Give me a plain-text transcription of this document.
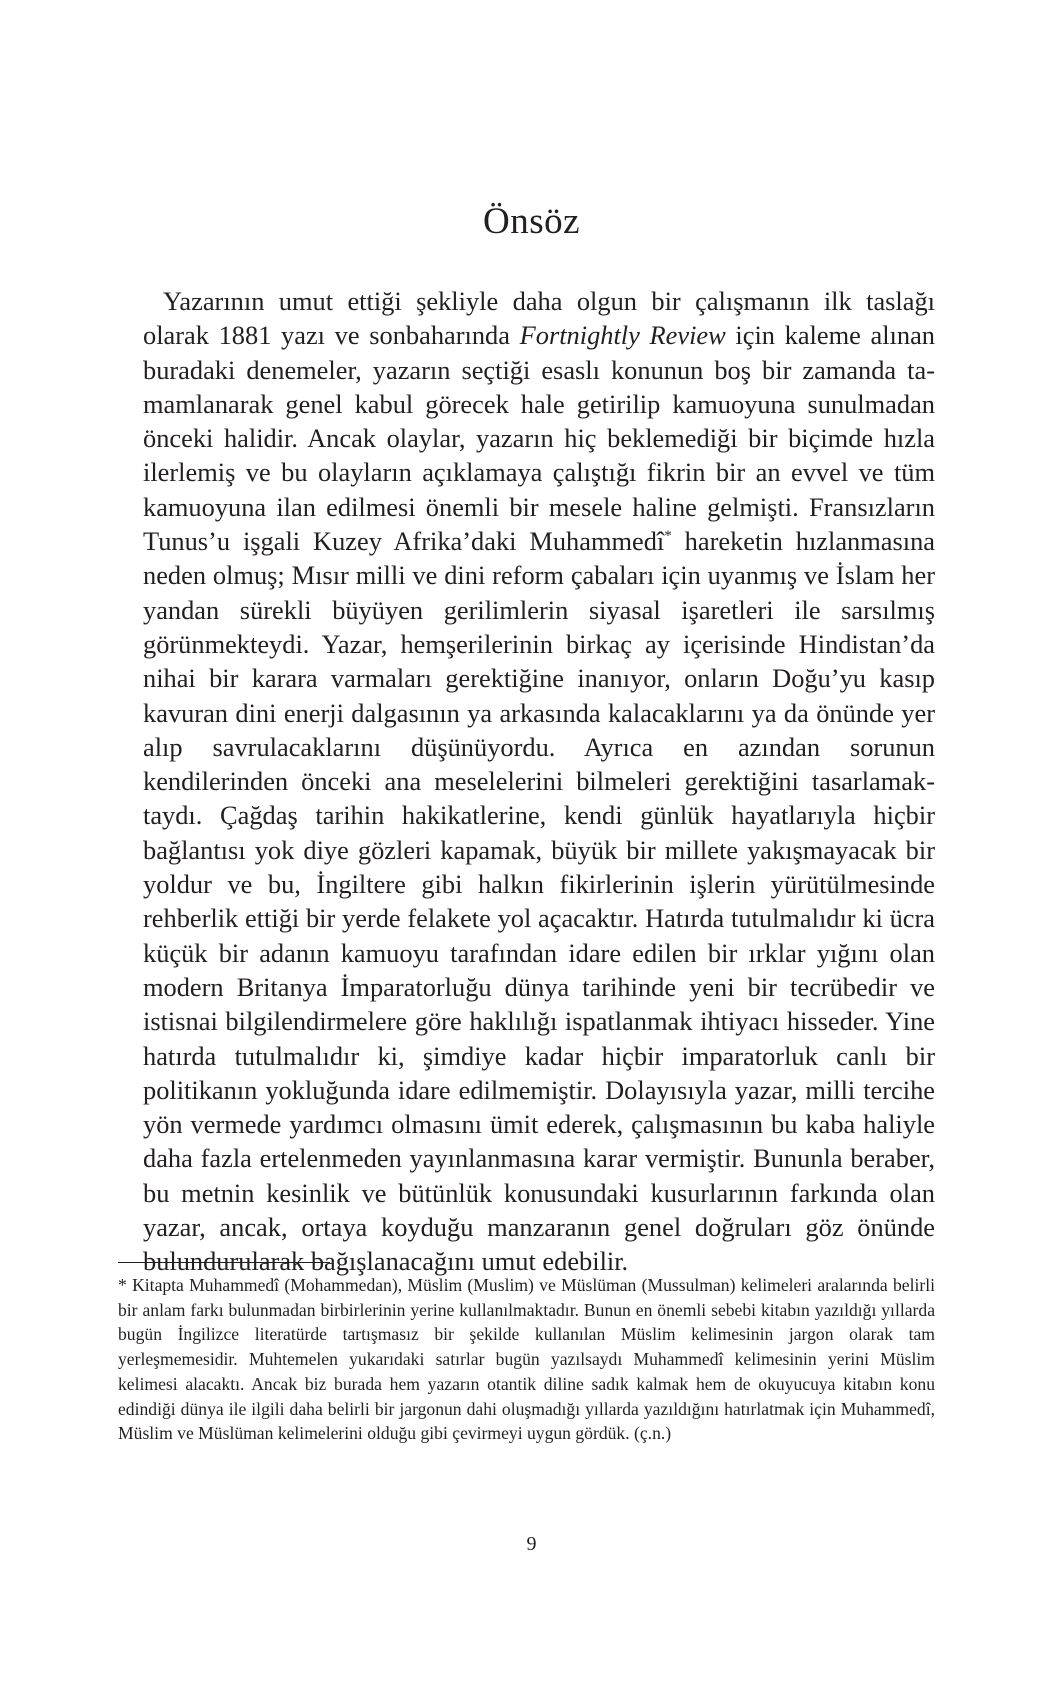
Önsöz

Yazarının umut ettiği şekliyle daha olgun bir çalışmanın ilk taslağı olarak 1881 yazı ve sonbaharında Fortnightly Review için kaleme alınan buradaki denemeler, yazarın seçtiği esaslı konunun boş bir zamanda tamamlanarak genel kabul görecek hale getirilip kamuoyuna sunulmadan önceki halidir. Ancak olaylar, yazarın hiç beklemediği bir biçimde hızla ilerlemiş ve bu olayların açıklamaya çalıştığı fikrin bir an evvel ve tüm kamuoyuna ilan edilmesi önemli bir mesele haline gelmişti. Fransızların Tunus’u işgali Kuzey Afrika’daki Muhammedî* hareketin hızlanmasına neden olmuş; Mısır milli ve dini reform çabaları için uyanmış ve İslam her yandan sürekli büyüyen gerilimlerin siyasal işaretleri ile sarsılmış görünmekteydi. Yazar, hemşerilerinin birkaç ay içerisinde Hindistan’da nihai bir karara varmaları gerektiğine inanıyor, onların Doğu’yu kasıp kavuran dini enerji dalgasının ya arkasında kalacaklarını ya da önünde yer alıp savrulacaklarını düşünüyordu. Ayrıca en azından sorunun kendilerinden önceki ana meselelerini bilmeleri gerektiğini tasarlamaktaydı. Çağdaş tarihin hakikatlerine, kendi günlük hayatlarıyla hiçbir bağlantısı yok diye gözleri kapamak, büyük bir millete yakışmayacak bir yoldur ve bu, İngiltere gibi halkın fikirlerinin işlerin yürütülmesinde rehberlik ettiği bir yerde felakete yol açacaktır. Hatırda tutulmalıdır ki ücra küçük bir adanın kamuoyu tarafından idare edilen bir ırklar yığını olan modern Britanya İmparatorluğu dünya tarihinde yeni bir tecrübedir ve istisnai bilgilendirmelere göre haklılığı ispatlanmak ihtiyacı hisseder. Yine hatırda tutulmalıdır ki, şimdiye kadar hiçbir imparatorluk canlı bir politikanın yokluğunda idare edilmemiştir. Dolayısıyla yazar, milli tercihe yön vermede yardımcı olmasını ümit ederek, çalışmasının bu kaba haliyle daha fazla ertelenmeden yayınlanmasına karar vermiştir. Bununla beraber, bu metnin kesinlik ve bütünlük konusundaki kusurlarının farkında olan yazar, ancak, ortaya koyduğu manzaranın genel doğruları göz önünde bulundurularak bağışlanacağını umut edebilir.

* Kitapta Muhammedî (Mohammedan), Müslim (Muslim) ve Müslüman (Mussulman) kelimeleri aralarında belirli bir anlam farkı bulunmadan birbirlerinin yerine kullanılmaktadır. Bunun en önemli sebebi kitabın yazıldığı yıllarda bugün İngilizce literatürde tartışmasız bir şekilde kullanılan Müslim kelimesinin jargon olarak tam yerleşmemesidir. Muhtemelen yukarıdaki satırlar bugün yazılsaydı Muhammedî kelimesinin yerini Müslim kelimesi alacaktı. Ancak biz burada hem yazarın otantik diline sadık kalmak hem de okuyucuya kitabın konu edindiği dünya ile ilgili daha belirli bir jargonun dahi oluşmadığı yıllarda yazıldığını hatırlatmak için Muhammedî, Müslim ve Müslüman kelimelerini olduğu gibi çevirmeyi uygun gördük. (ç.n.)

9
